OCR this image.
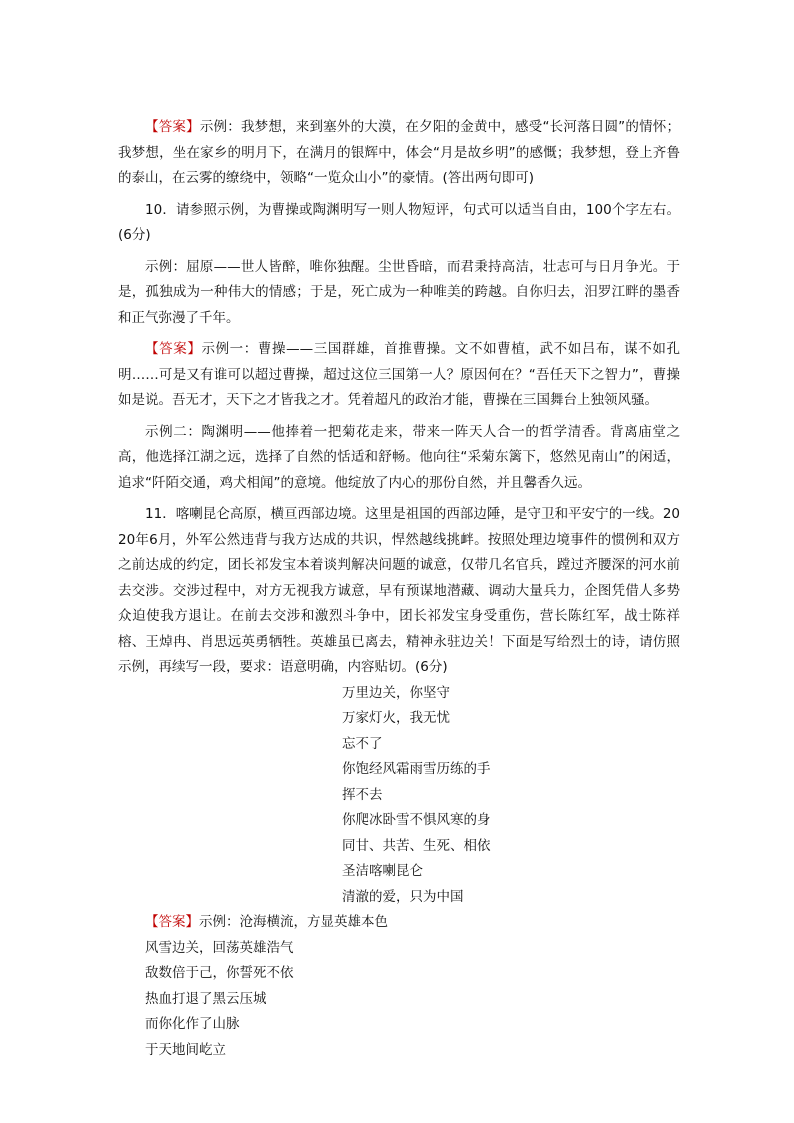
【答案】示例：我梦想，来到塞外的大漠，在夕阳的金黄中，感受“长河落日圆”的情怀；我梦想，坐在家乡的明月下，在满月的银辉中，体会“月是故乡明”的感慨；我梦想，登上齐鲁的泰山，在云雾的缭绕中，领略“一览众山小”的豪情。(答出两句即可)

10．请参照示例，为曹操或陶渊明写一则人物短评，句式可以适当自由，100个字左右。(6分)

示例：屈原——世人皆醉，唯你独醒。尘世昏暗，而君秉持高洁，壮志可与日月争光。于是，孤独成为一种伟大的情感；于是，死亡成为一种唯美的跨越。自你归去，汨罗江畔的墨香和正气弥漫了千年。

【答案】示例一：曹操——三国群雄，首推曹操。文不如曹植，武不如吕布，谋不如孔明……可是又有谁可以超过曹操，超过这位三国第一人？原因何在？“吾任天下之智力”，曹操如是说。吾无才，天下之才皆我之才。凭着超凡的政治才能，曹操在三国舞台上独领风骚。

示例二：陶渊明——他捧着一把菊花走来，带来一阵天人合一的哲学清香。背离庙堂之高，他选择江湖之远，选择了自然的恬适和舒畅。他向往“采菊东篱下，悠然见南山”的闲适，追求“阡陌交通，鸡犬相闻”的意境。他绽放了内心的那份自然，并且馨香久远。

11．喀喇昆仑高原，横亘西部边境。这里是祖国的西部边陲，是守卫和平安宁的一线。2020年6月，外军公然违背与我方达成的共识，悍然越线挑衅。按照处理边境事件的惯例和双方之前达成的约定，团长祁发宝本着谈判解决问题的诚意，仅带几名官兵，蹚过齐腰深的河水前去交涉。交涉过程中，对方无视我方诚意，早有预谋地潜藏、调动大量兵力，企图凭借人多势众迫使我方退让。在前去交涉和激烈斗争中，团长祁发宝身受重伤，营长陈红军，战士陈祥榕、王焯冉、肖思远英勇牺牲。英雄虽已离去，精神永驻边关！下面是写给烈士的诗，请仿照示例，再续写一段，要求：语意明确，内容贴切。(6分)

万里边关，你坚守
万家灯火，我无忧
忘不了
你饱经风霜雨雪历练的手
挥不去
你爬冰卧雪不惧风寒的身
同甘、共苦、生死、相依
圣洁喀喇昆仑
清澈的爱，只为中国

【答案】示例：沧海横流，方显英雄本色

风雪边关，回荡英雄浩气
敌数倍于己，你誓死不依
热血打退了黑云压城
而你化作了山脉
于天地间屹立
